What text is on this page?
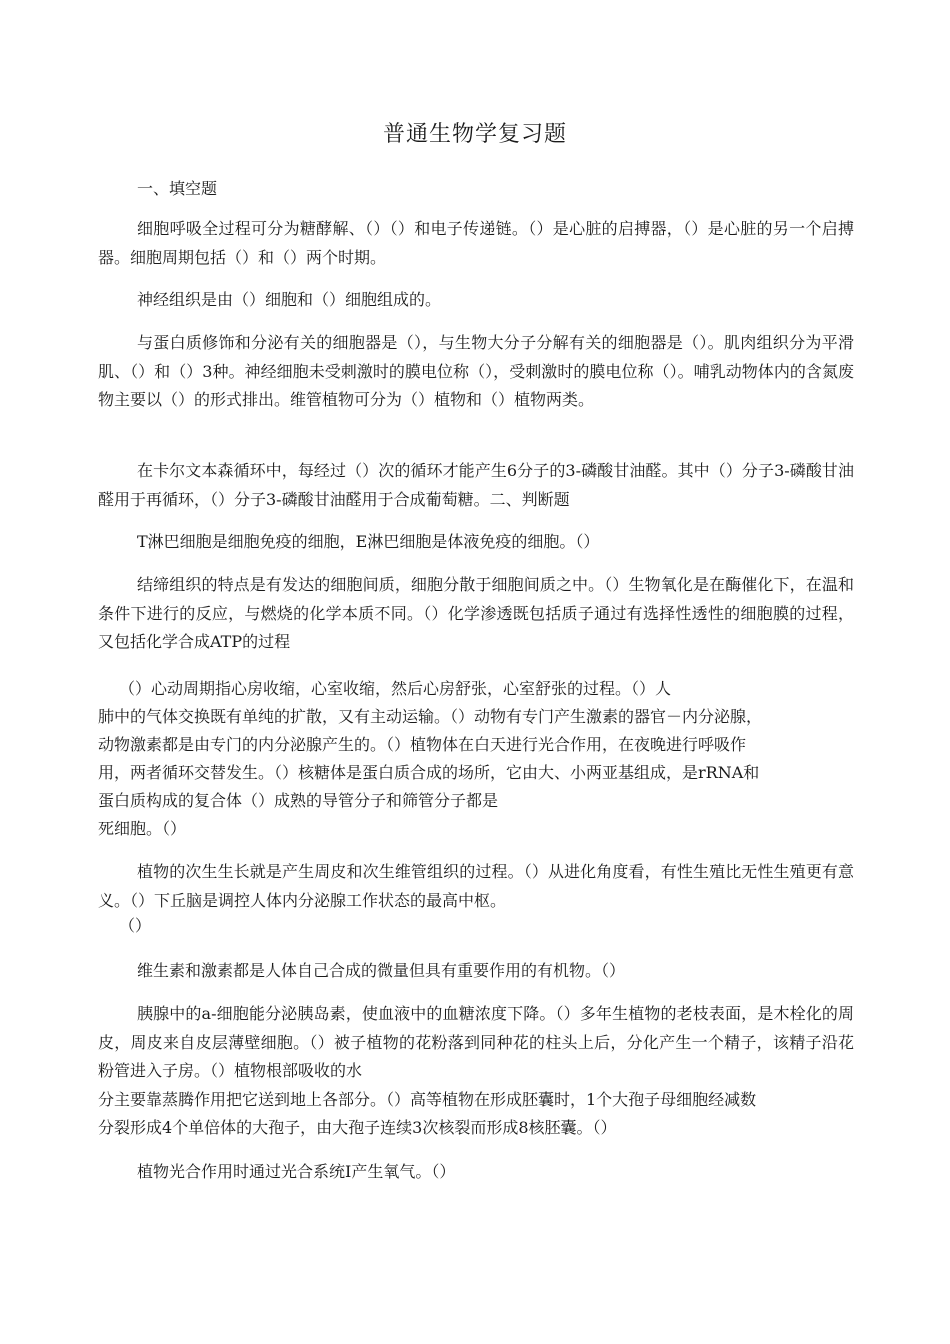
普通生物学复习题
一、填空题
细胞呼吸全过程可分为糖酵解、（）（）和电子传递链。（）是心脏的启搏器，（）是心脏的另一个启搏器。细胞周期包括（）和（）两个时期。
神经组织是由（）细胞和（）细胞组成的。
与蛋白质修饰和分泌有关的细胞器是（），与生物大分子分解有关的细胞器是（）。肌肉组织分为平滑肌、（）和（）3种。神经细胞未受刺激时的膜电位称（），受刺激时的膜电位称（）。哺乳动物体内的含氮废物主要以（）的形式排出。维管植物可分为（）植物和（）植物两类。
在卡尔文本森循环中，每经过（）次的循环才能产生6分子的3-磷酸甘油醛。其中（）分子3-磷酸甘油醛用于再循环，（）分子3-磷酸甘油醛用于合成葡萄糖。二、判断题
T淋巴细胞是细胞免疫的细胞，E淋巴细胞是体液免疫的细胞。（）
结缔组织的特点是有发达的细胞间质，细胞分散于细胞间质之中。（）生物氧化是在酶催化下，在温和条件下进行的反应，与燃烧的化学本质不同。（）化学渗透既包括质子通过有选择性透性的细胞膜的过程，又包括化学合成ATP的过程
（）心动周期指心房收缩，心室收缩，然后心房舒张，心室舒张的过程。（）人
肺中的气体交换既有单纯的扩散，又有主动运输。（）动物有专门产生激素的器官－内分泌腺，
动物激素都是由专门的内分泌腺产生的。（）植物体在白天进行光合作用，在夜晚进行呼吸作
用，两者循环交替发生。（）核糖体是蛋白质合成的场所，它由大、小两亚基组成，是rRNA和
蛋白质构成的复合体（）成熟的导管分子和筛管分子都是
死细胞。（）
植物的次生生长就是产生周皮和次生维管组织的过程。（）从进化角度看，有性生殖比无性生殖更有意义。（）下丘脑是调控人体内分泌腺工作状态的最高中枢。
（）
维生素和激素都是人体自己合成的微量但具有重要作用的有机物。（）
胰腺中的a-细胞能分泌胰岛素，使血液中的血糖浓度下降。（）多年生植物的老枝表面，是木栓化的周皮，周皮来自皮层薄壁细胞。（）被子植物的花粉落到同种花的柱头上后，分化产生一个精子，该精子沿花粉管进入子房。（）植物根部吸收的水
分主要靠蒸腾作用把它送到地上各部分。（）高等植物在形成胚囊时，1个大孢子母细胞经减数
分裂形成4个单倍体的大孢子，由大孢子连续3次核裂而形成8核胚囊。（）
植物光合作用时通过光合系统I产生氧气。（）
